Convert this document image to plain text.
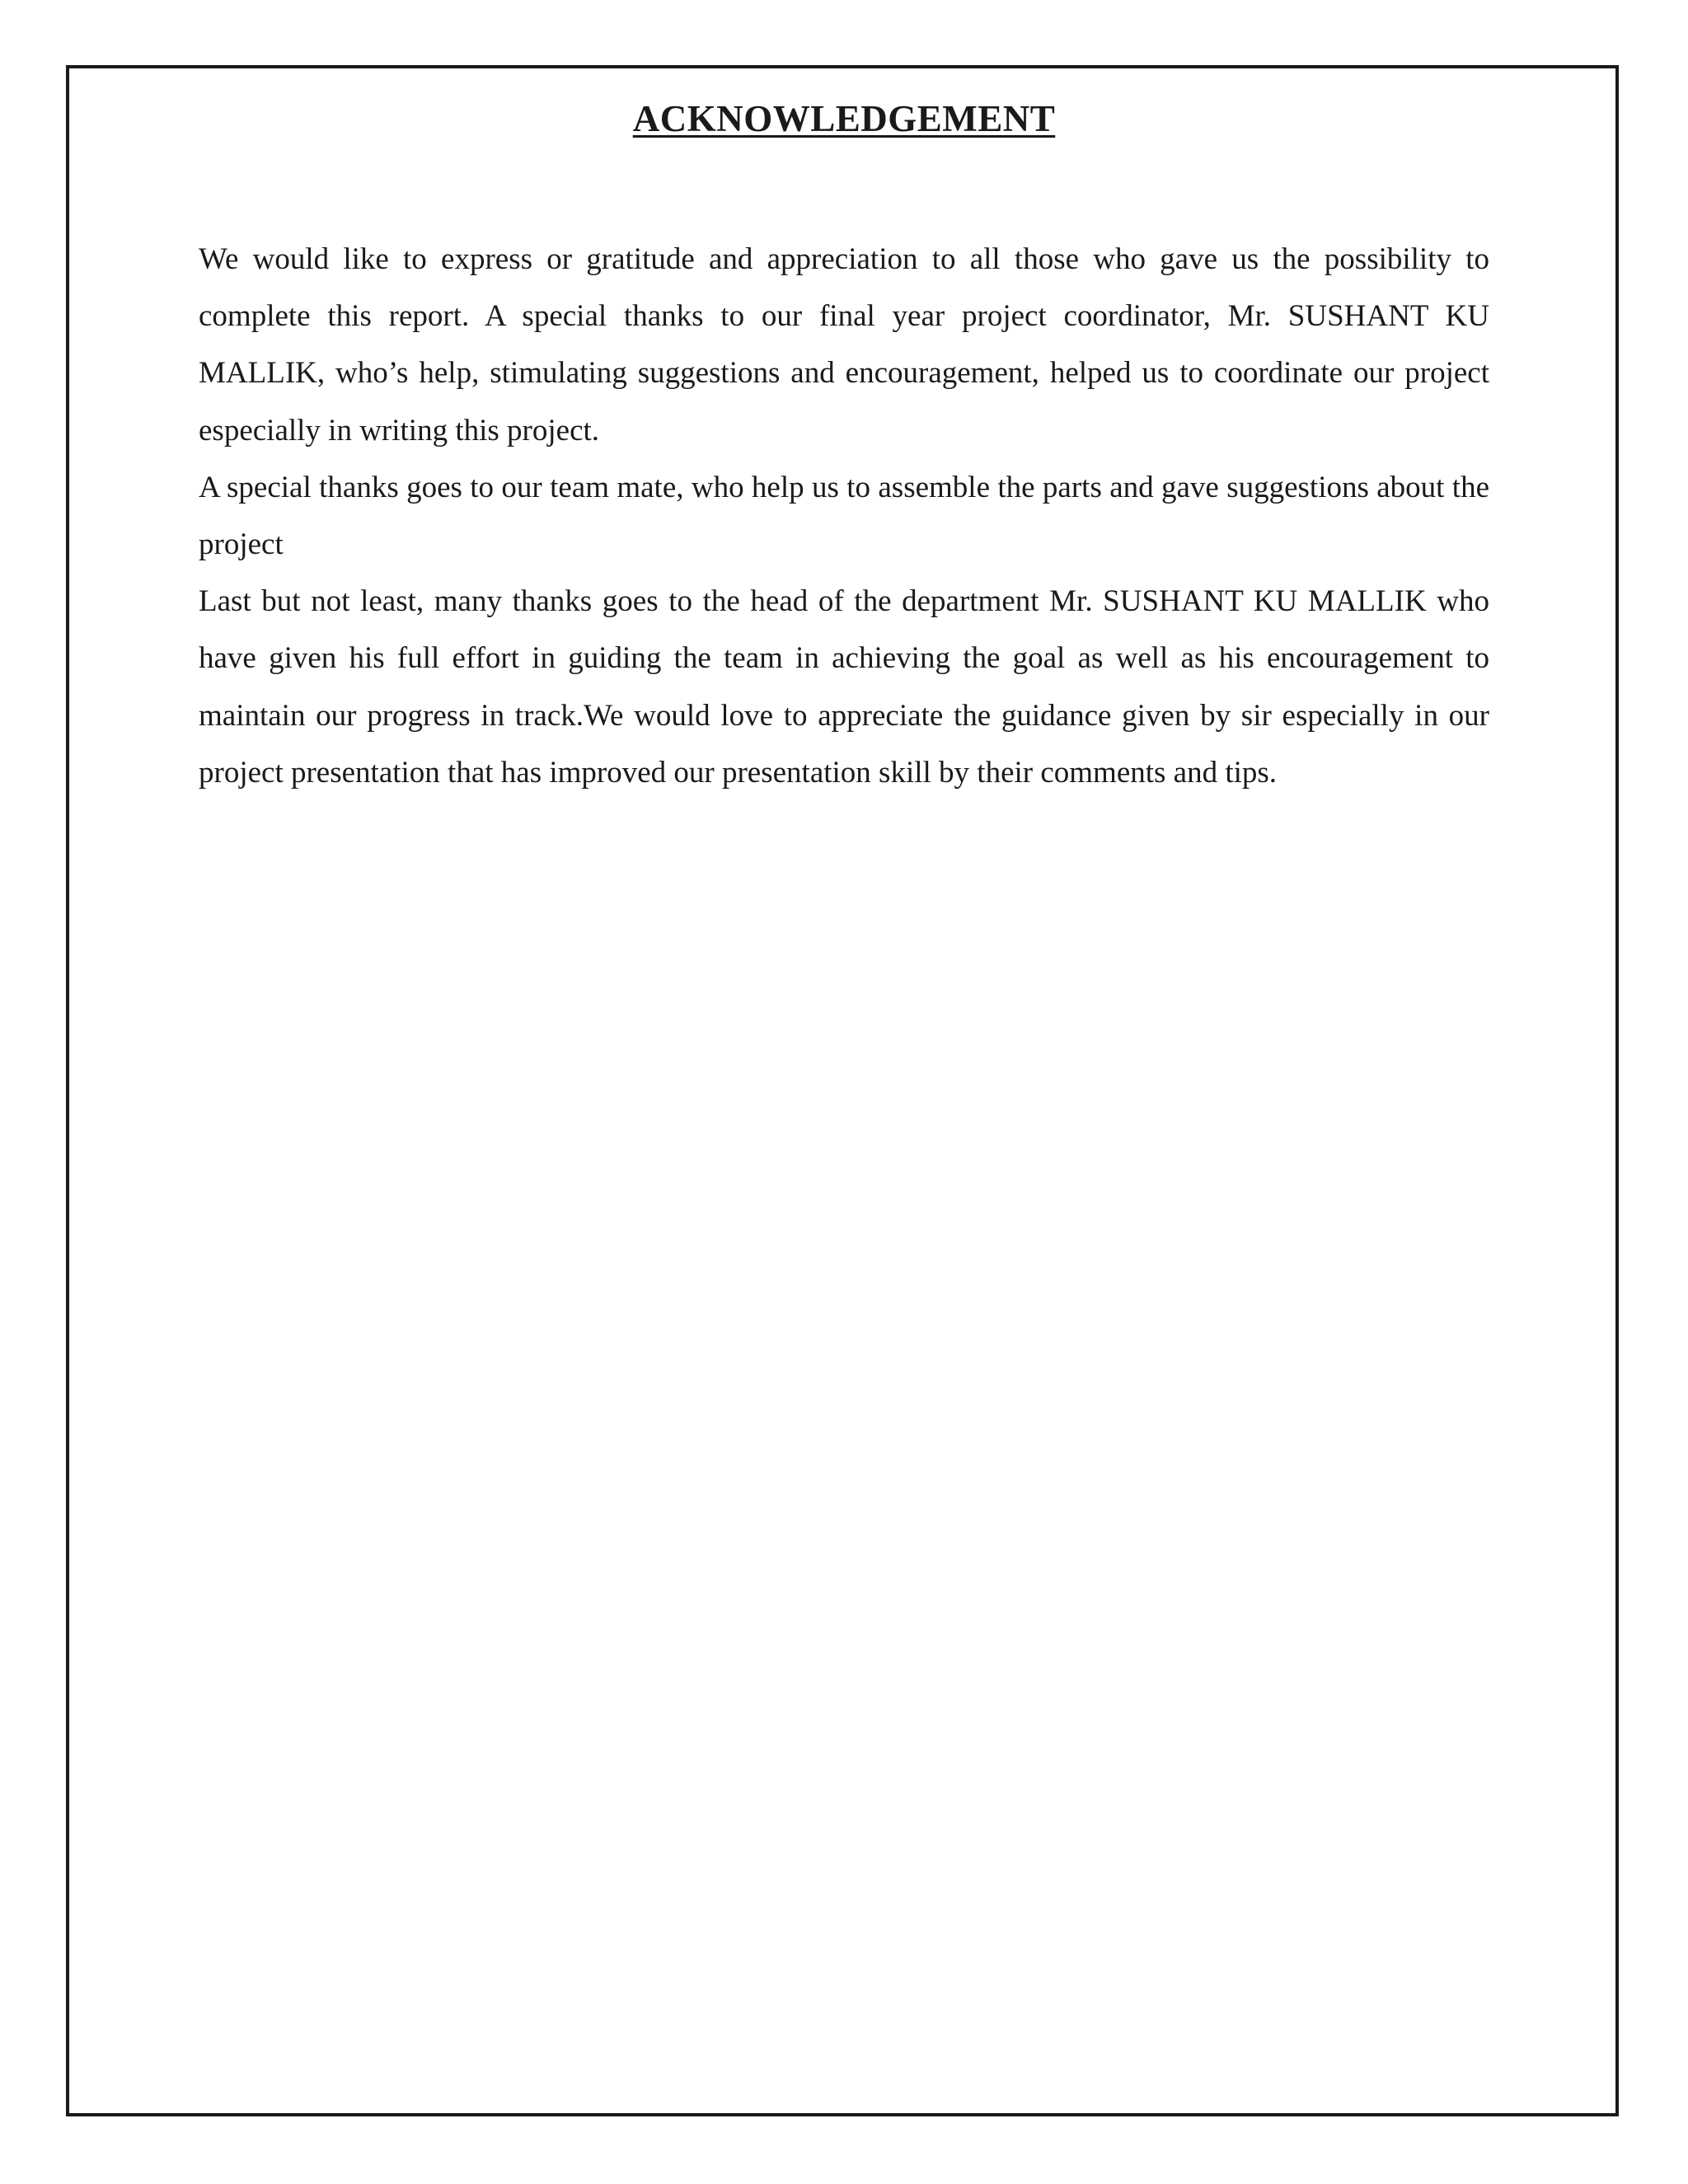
ACKNOWLEDGEMENT

We would like to express or gratitude and appreciation to all those who gave us the possibility to complete this report. A special thanks to our final year project coordinator, Mr. SUSHANT KU MALLIK, who’s help, stimulating suggestions and encouragement, helped us to coordinate our project especially in writing this project.

A special thanks goes to our team mate, who help us to assemble the parts and gave suggestions about the project

Last but not least, many thanks goes to the head of the department Mr. SUSHANT KU MALLIK who have given his full effort in guiding the team in achieving the goal as well as his encouragement to maintain our progress in track.We would love to appreciate the guidance given by sir especially in our project presentation that has improved our presentation skill by their comments and tips.
